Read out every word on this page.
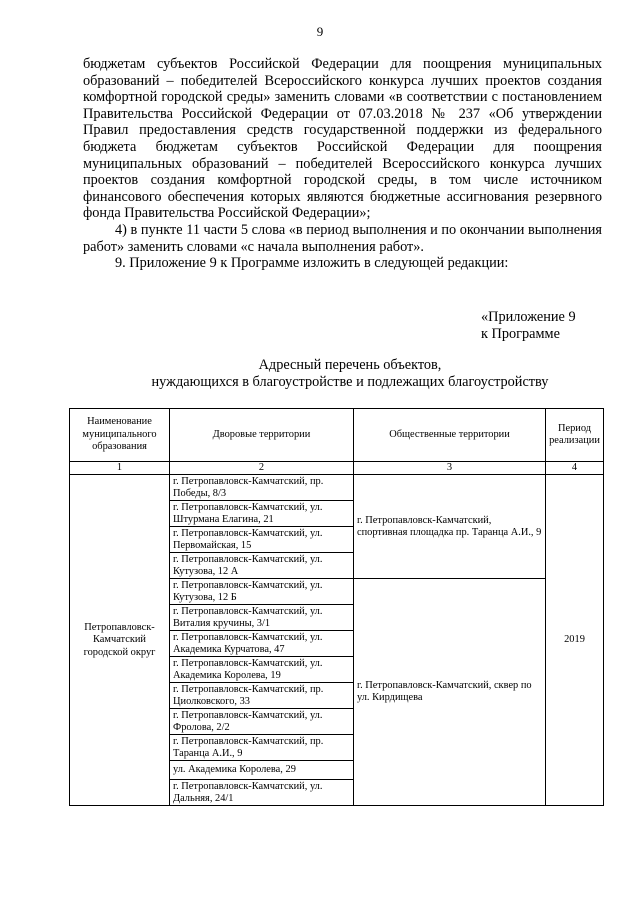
9

бюджетам субъектов Российской Федерации для поощрения муниципальных образований – победителей Всероссийского конкурса лучших проектов создания комфортной городской среды» заменить словами «в соответствии с постановлением Правительства Российской Федерации от 07.03.2018 № 237 «Об утверждении Правил предоставления средств государственной поддержки из федерального бюджета бюджетам субъектов Российской Федерации для поощрения муниципальных образований – победителей Всероссийского конкурса лучших проектов создания комфортной городской среды, в том числе источником финансового обеспечения которых являются бюджетные ассигнования резервного фонда Правительства Российской Федерации»;

4) в пункте 11 части 5 слова «в период выполнения и по окончании выполнения работ» заменить словами «с начала выполнения работ».

9. Приложение 9 к Программе изложить в следующей редакции:

«Приложение 9
к Программе
Адресный перечень объектов,
нуждающихся в благоустройстве и подлежащих благоустройству
Наименование муниципального образования	Дворовые территории	Общественные территории	Период реализации
1	2	3	4
Петропавловск-Камчатский городской округ	г. Петропавловск-Камчатский, пр. Победы, 8/3	г. Петропавловск-Камчатский, спортивная площадка пр. Таранца А.И., 9	2019
	г. Петропавловск-Камчатский, ул. Штурмана Елагина, 21		
	г. Петропавловск-Камчатский, ул. Первомайская, 15		
	г. Петропавловск-Камчатский, ул. Кутузова, 12 А		
	г. Петропавловск-Камчатский, ул. Кутузова, 12 Б	г. Петропавловск-Камчатский, сквер по ул. Кирдищева	
	г. Петропавловск-Камчатский, ул. Виталия кручины, 3/1		
	г. Петропавловск-Камчатский, ул. Академика Курчатова, 47		
	г. Петропавловск-Камчатский, ул. Академика Королева, 19		
	г. Петропавловск-Камчатский, пр. Циолковского, 33		
	г. Петропавловск-Камчатский, ул. Фролова, 2/2		
	г. Петропавловск-Камчатский, пр. Таранца А.И., 9		
	ул. Академика Королева, 29		
	г. Петропавловск-Камчатский, ул. Дальняя, 24/1		
